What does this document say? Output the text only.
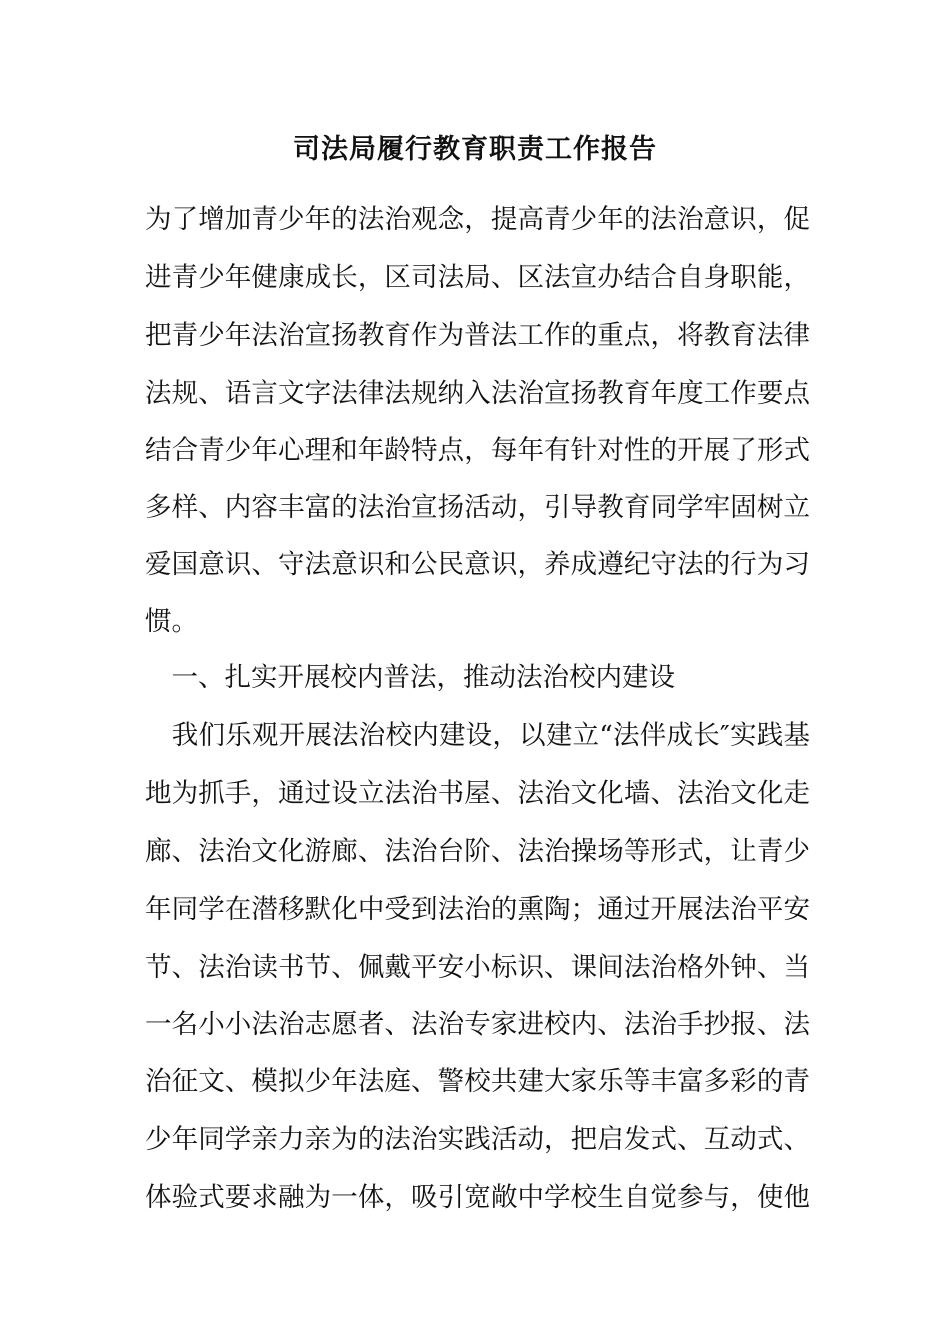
司法局履行教育职责工作报告

为了增加青少年的法治观念，提高青少年的法治意识，促

进青少年健康成长，区司法局、区法宣办结合自身职能，

把青少年法治宣扬教育作为普法工作的重点，将教育法律

法规、语言文字法律法规纳入法治宣扬教育年度工作要点

结合青少年心理和年龄特点，每年有针对性的开展了形式

多样、内容丰富的法治宣扬活动，引导教育同学牢固树立

爱国意识、守法意识和公民意识，养成遵纪守法的行为习

惯。

　一、扎实开展校内普法，推动法治校内建设

　我们乐观开展法治校内建设，以建立“法伴成长″实践基

地为抓手，通过设立法治书屋、法治文化墙、法治文化走

廊、法治文化游廊、法治台阶、法治操场等形式，让青少

年同学在潜移默化中受到法治的熏陶；通过开展法治平安

节、法治读书节、佩戴平安小标识、课间法治格外钟、当

一名小小法治志愿者、法治专家进校内、法治手抄报、法

治征文、模拟少年法庭、警校共建大家乐等丰富多彩的青

少年同学亲力亲为的法治实践活动，把启发式、互动式、

体验式要求融为一体，吸引宽敞中学校生自觉参与，使他
